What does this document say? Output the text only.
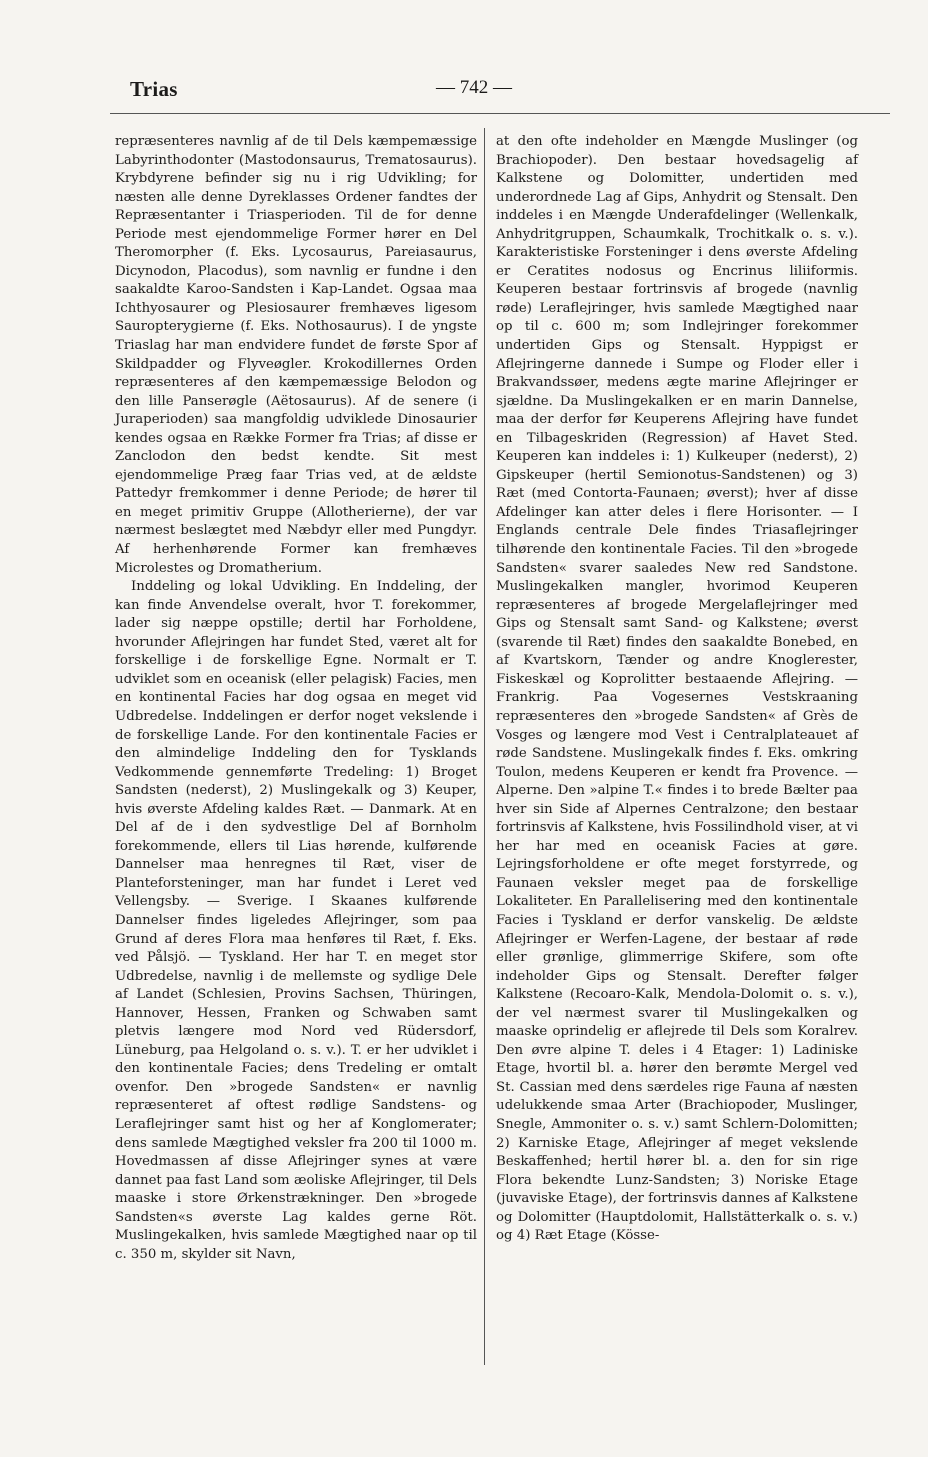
Trias	— 742 —

repræsenteres navnlig af de til Dels kæmpemæssige Labyrinthodonter (Mastodonsaurus, Trematosaurus). Krybdyrene befinder sig nu i rig Udvikling; for næsten alle denne Dyreklasses Ordener fandtes der Repræsentanter i Triasperioden. Til de for denne Periode mest ejendommelige Former hører en Del Theromorpher (f. Eks. Lycosaurus, Pareiasaurus, Dicynodon, Placodus), som navnlig er fundne i den saakaldte Karoo-Sandsten i Kap-Landet. Ogsaa maa Ichthyosaurer og Plesiosaurer fremhæves ligesom Sauropterygierne (f. Eks. Nothosaurus). I de yngste Triaslag har man endvidere fundet de første Spor af Skildpadder og Flyveøgler. Krokodillernes Orden repræsenteres af den kæmpemæssige Belodon og den lille Panserøgle (Aëtosaurus). Af de senere (i Juraperioden) saa mangfoldig udviklede Dinosaurier kendes ogsaa en Række Former fra Trias; af disse er Zanclodon den bedst kendte. Sit mest ejendommelige Præg faar Trias ved, at de ældste Pattedyr fremkommer i denne Periode; de hører til en meget primitiv Gruppe (Allotherierne), der var nærmest beslægtet med Næbdyr eller med Pungdyr. Af herhenhørende Former kan fremhæves Microlestes og Dromatherium.

Inddeling og lokal Udvikling. En Inddeling, der kan finde Anvendelse overalt, hvor T. forekommer, lader sig næppe opstille; dertil har Forholdene, hvorunder Aflejringen har fundet Sted, været alt for forskellige i de forskellige Egne. Normalt er T. udviklet som en oceanisk (eller pelagisk) Facies, men en kontinental Facies har dog ogsaa en meget vid Udbredelse. Inddelingen er derfor noget vekslende i de forskellige Lande. For den kontinentale Facies er den almindelige Inddeling den for Tysklands Vedkommende gennemførte Tredeling: 1) Broget Sandsten (nederst), 2) Muslingekalk og 3) Keuper, hvis øverste Afdeling kaldes Ræt. — Danmark. At en Del af de i den sydvestlige Del af Bornholm forekommende, ellers til Lias hørende, kulførende Dannelser maa henregnes til Ræt, viser de Planteforsteninger, man har fundet i Leret ved Vellengsby. — Sverige. I Skaanes kulførende Dannelser findes ligeledes Aflejringer, som paa Grund af deres Flora maa henføres til Ræt, f. Eks. ved Pålsjö. — Tyskland. Her har T. en meget stor Udbredelse, navnlig i de mellemste og sydlige Dele af Landet (Schlesien, Provins Sachsen, Thüringen, Hannover, Hessen, Franken og Schwaben samt pletvis længere mod Nord ved Rüdersdorf, Lüneburg, paa Helgoland o. s. v.). T. er her udviklet i den kontinentale Facies; dens Tredeling er omtalt ovenfor. Den »brogede Sandsten« er navnlig repræsenteret af oftest rødlige Sandstens- og Leraflejringer samt hist og her af Konglomerater; dens samlede Mægtighed veksler fra 200 til 1000 m. Hovedmassen af disse Aflejringer synes at være dannet paa fast Land som æoliske Aflejringer, til Dels maaske i store Ørkenstrækninger. Den »brogede Sandsten«s øverste Lag kaldes gerne Röt. Muslingekalken, hvis samlede Mægtighed naar op til c. 350 m, skylder sit Navn,

at den ofte indeholder en Mængde Muslinger (og Brachiopoder). Den bestaar hovedsagelig af Kalkstene og Dolomitter, undertiden med underordnede Lag af Gips, Anhydrit og Stensalt. Den inddeles i en Mængde Underafdelinger (Wellenkalk, Anhydritgruppen, Schaumkalk, Trochitkalk o. s. v.). Karakteristiske Forsteninger i dens øverste Afdeling er Ceratites nodosus og Encrinus liliiformis. Keuperen bestaar fortrinsvis af brogede (navnlig røde) Leraflejringer, hvis samlede Mægtighed naar op til c. 600 m; som Indlejringer forekommer undertiden Gips og Stensalt. Hyppigst er Aflejringerne dannede i Sumpe og Floder eller i Brakvandssøer, medens ægte marine Aflejringer er sjældne. Da Muslingekalken er en marin Dannelse, maa der derfor før Keuperens Aflejring have fundet en Tilbageskriden (Regression) af Havet Sted. Keuperen kan inddeles i: 1) Kulkeuper (nederst), 2) Gipskeuper (hertil Semionotus-Sandstenen) og 3) Ræt (med Contorta-Faunaen; øverst); hver af disse Afdelinger kan atter deles i flere Horisonter. — I Englands centrale Dele findes Triasaflejringer tilhørende den kontinentale Facies. Til den »brogede Sandsten« svarer saaledes New red Sandstone. Muslingekalken mangler, hvorimod Keuperen repræsenteres af brogede Mergelaflejringer med Gips og Stensalt samt Sand- og Kalkstene; øverst (svarende til Ræt) findes den saakaldte Bonebed, en af Kvartskorn, Tænder og andre Knoglerester, Fiskeskæl og Koprolitter bestaaende Aflejring. — Frankrig. Paa Vogesernes Vestskraaning repræsenteres den »brogede Sandsten« af Grès de Vosges og længere mod Vest i Centralplateauet af røde Sandstene. Muslingekalk findes f. Eks. omkring Toulon, medens Keuperen er kendt fra Provence. — Alperne. Den »alpine T.« findes i to brede Bælter paa hver sin Side af Alpernes Centralzone; den bestaar fortrinsvis af Kalkstene, hvis Fossilindhold viser, at vi her har med en oceanisk Facies at gøre. Lejringsforholdene er ofte meget forstyrrede, og Faunaen veksler meget paa de forskellige Lokaliteter. En Parallelisering med den kontinentale Facies i Tyskland er derfor vanskelig. De ældste Aflejringer er Werfen-Lagene, der bestaar af røde eller grønlige, glimmerrige Skifere, som ofte indeholder Gips og Stensalt. Derefter følger Kalkstene (Recoaro-Kalk, Mendola-Dolomit o. s. v.), der vel nærmest svarer til Muslingekalken og maaske oprindelig er aflejrede til Dels som Koralrev. Den øvre alpine T. deles i 4 Etager: 1) Ladiniske Etage, hvortil bl. a. hører den berømte Mergel ved St. Cassian med dens særdeles rige Fauna af næsten udelukkende smaa Arter (Brachiopoder, Muslinger, Snegle, Ammoniter o. s. v.) samt Schlern-Dolomitten; 2) Karniske Etage, Aflejringer af meget vekslende Beskaffenhed; hertil hører bl. a. den for sin rige Flora bekendte Lunz-Sandsten; 3) Noriske Etage (juvaviske Etage), der fortrinsvis dannes af Kalkstene og Dolomitter (Hauptdolomit, Hallstätterkalk o. s. v.) og 4) Ræt Etage (Kösse-
